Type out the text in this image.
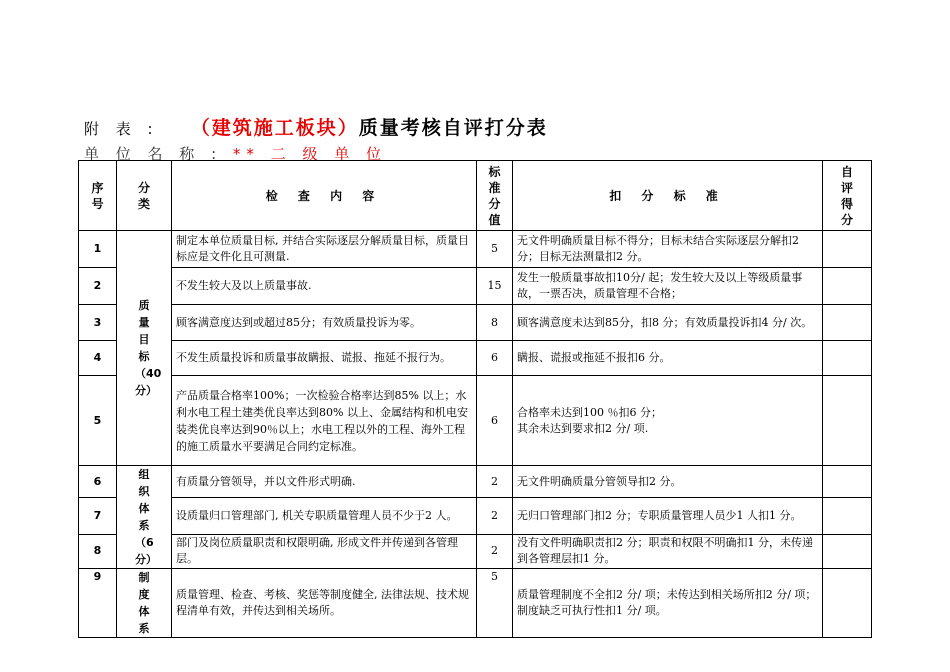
附 表 : （建筑施工板块）质量考核自评打分表
单 位 名 称 : ** 二 级 单 位
序号	分类	检 查 内 容	标准分值	扣 分 标 准	自评得分
1	质量目标（40分）	制定本单位质量目标, 并结合实际逐层分解质量目标，质量目标应是文件化且可测量.	5	无文件明确质量目标不得分；目标未结合实际逐层分解扣2 分；目标无法测量扣2 分。	
2		不发生较大及以上质量事故.	15	发生一般质量事故扣10分/ 起；发生较大及以上等级质量事故，一票否决，质量管理不合格；	
3		顾客满意度达到或超过85分；有效质量投诉为零。	8	顾客满意度未达到85分，扣8 分；有效质量投诉扣4 分/ 次。	
4		不发生质量投诉和质量事故瞒报、谎报、拖延不报行为。	6	瞒报、谎报或拖延不报扣6 分。	
5		产品质量合格率100%；一次检验合格率达到85% 以上；水利水电工程土建类优良率达到80% 以上、金属结构和机电安装类优良率达到90％以上；水电工程以外的工程、海外工程的施工质量水平要满足合同约定标准。	6	合格率未达到100 ％扣6 分；
其余未达到要求扣2 分/ 项.	
6	组织体系（6分）	有质量分管领导，并以文件形式明确.	2	无文件明确质量分管领导扣2 分。	
7		设质量归口管理部门, 机关专职质量管理人员不少于2 人。	2	无归口管理部门扣2 分；专职质量管理人员少1 人扣1 分。	
8		部门及岗位质量职责和权限明确, 形成文件并传递到各管理层。	2	没有文件明确职责扣2 分；职责和权限不明确扣1 分，未传递到各管理层扣1 分。	
9	制度体系	质量管理、检查、考核、奖惩等制度健全, 法律法规、技术规程清单有效，并传达到相关场所。	5	质量管理制度不全扣2 分/ 项；未传达到相关场所扣2 分/ 项；制度缺乏可执行性扣1 分/ 项。	
